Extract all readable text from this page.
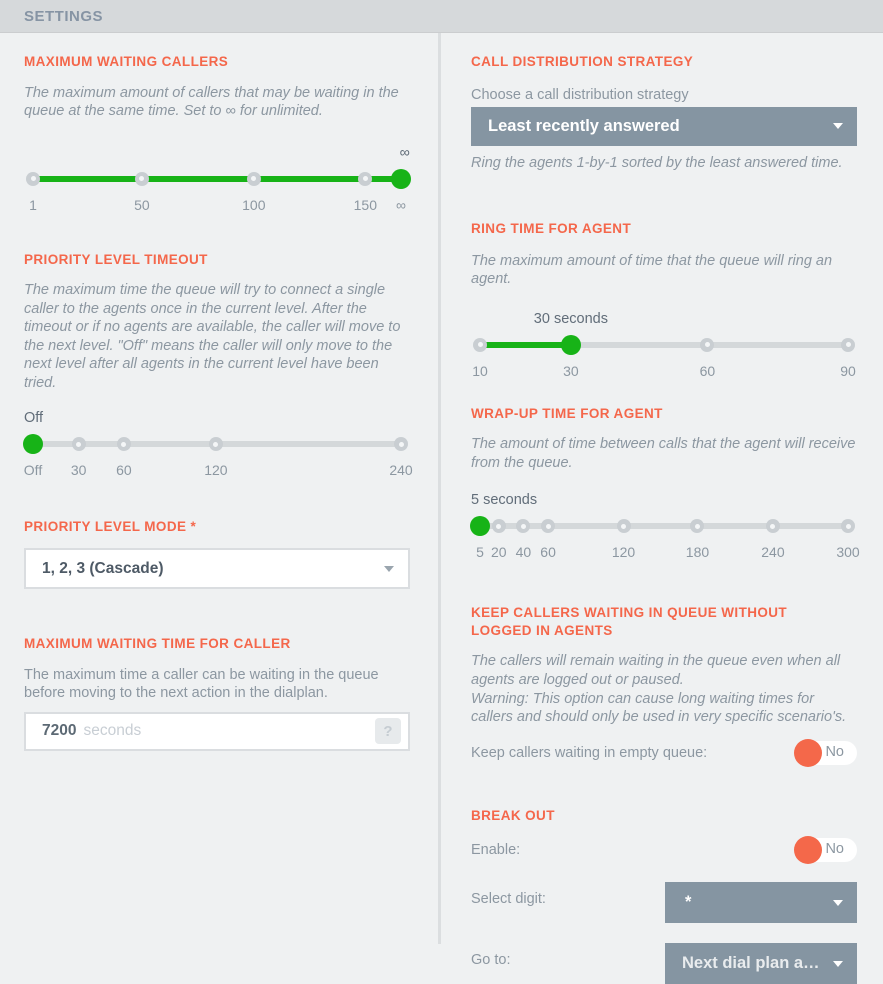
SETTINGS
MAXIMUM WAITING CALLERS

The maximum amount of callers that may be waiting in the queue at the same time. Set to ∞ for unlimited.

∞
1	50	100	150 ∞
PRIORITY LEVEL TIMEOUT

The maximum time the queue will try to connect a single caller to the agents once in the current level. After the timeout or if no agents are available, the caller will move to the next level. "Off" means the caller will only move to the next level after all agents in the current level have been tried.

Off
Off 30 60	120	240
PRIORITY LEVEL MODE *
1, 2, 3 (Cascade)
MAXIMUM WAITING TIME FOR CALLER

The maximum time a caller can be waiting in the queue before moving to the next action in the dialplan.

7200 seconds	?
CALL DISTRIBUTION STRATEGY

Choose a call distribution strategy

Least recently answered

Ring the agents 1-by-1 sorted by the least answered time.

RING TIME FOR AGENT

The maximum amount of time that the queue will ring an agent.

30 seconds
10	30	60	90
WRAP-UP TIME FOR AGENT

The amount of time between calls that the agent will receive from the queue.

5 seconds
5 20 40 60	120	180	240	300
KEEP CALLERS WAITING IN QUEUE WITHOUT LOGGED IN AGENTS
The callers will remain waiting in the queue even when all agents are logged out or paused.
Warning: This option can cause long waiting times for callers and should only be used in very specific scenario's.
Keep callers waiting in empty queue:	No
BREAK OUT
Enable:	No
Select digit:	*
Go to:	Next dial plan a…
